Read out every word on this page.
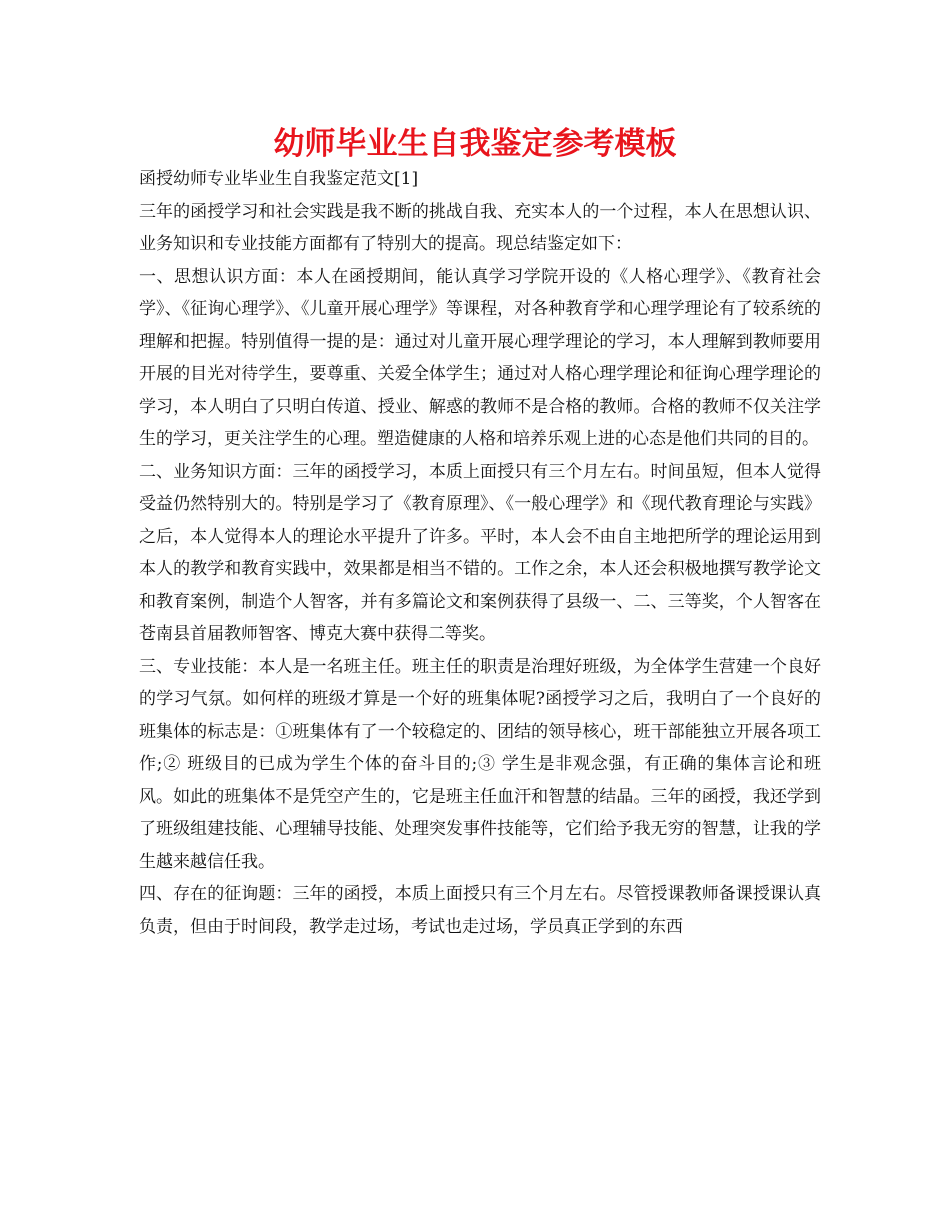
幼师毕业生自我鉴定参考模板

函授幼师专业毕业生自我鉴定范文[1]

三年的函授学习和社会实践是我不断的挑战自我、充实本人的一个过程，本人在思想认识、业务知识和专业技能方面都有了特别大的提高。现总结鉴定如下：

一、思想认识方面：本人在函授期间，能认真学习学院开设的《人格心理学》、《教育社会学》、《征询心理学》、《儿童开展心理学》等课程，对各种教育学和心理学理论有了较系统的理解和把握。特别值得一提的是：通过对儿童开展心理学理论的学习，本人理解到教师要用开展的目光对待学生，要尊重、关爱全体学生；通过对人格心理学理论和征询心理学理论的学习，本人明白了只明白传道、授业、解惑的教师不是合格的教师。合格的教师不仅关注学生的学习，更关注学生的心理。塑造健康的人格和培养乐观上进的心态是他们共同的目的。

二、业务知识方面：三年的函授学习，本质上面授只有三个月左右。时间虽短，但本人觉得受益仍然特别大的。特别是学习了《教育原理》、《一般心理学》和《现代教育理论与实践》之后，本人觉得本人的理论水平提升了许多。平时，本人会不由自主地把所学的理论运用到本人的教学和教育实践中，效果都是相当不错的。工作之余，本人还会积极地撰写教学论文和教育案例，制造个人智客，并有多篇论文和案例获得了县级一、二、三等奖，个人智客在苍南县首届教师智客、博克大赛中获得二等奖。

三、专业技能：本人是一名班主任。班主任的职责是治理好班级，为全体学生营建一个良好的学习气氛。如何样的班级才算是一个好的班集体呢?函授学习之后，我明白了一个良好的班集体的标志是：①班集体有了一个较稳定的、团结的领导核心，班干部能独立开展各项工作;② 班级目的已成为学生个体的奋斗目的;③ 学生是非观念强，有正确的集体言论和班风。如此的班集体不是凭空产生的，它是班主任血汗和智慧的结晶。三年的函授，我还学到了班级组建技能、心理辅导技能、处理突发事件技能等，它们给予我无穷的智慧，让我的学生越来越信任我。

四、存在的征询题：三年的函授，本质上面授只有三个月左右。尽管授课教师备课授课认真负责，但由于时间段，教学走过场，考试也走过场，学员真正学到的东西
